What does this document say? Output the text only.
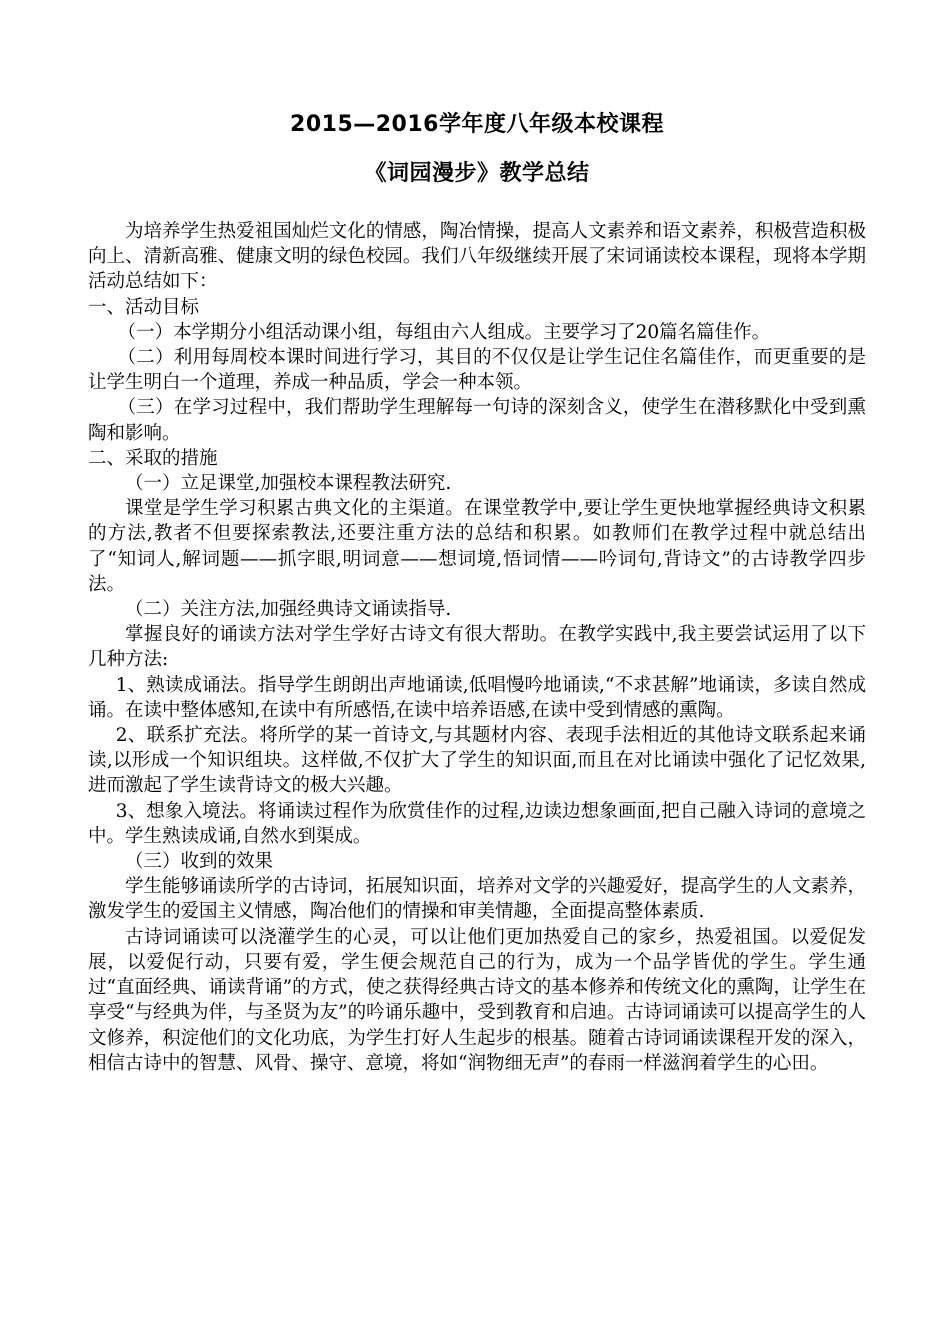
2015—2016学年度八年级本校课程
《词园漫步》教学总结

为培养学生热爱祖国灿烂文化的情感，陶冶情操，提高人文素养和语文素养，积极营造积极向上、清新高雅、健康文明的绿色校园。我们八年级继续开展了宋词诵读校本课程，现将本学期活动总结如下：

一、活动目标

（一）本学期分小组活动课小组，每组由六人组成。主要学习了20篇名篇佳作。

（二）利用每周校本课时间进行学习，其目的不仅仅是让学生记住名篇佳作，而更重要的是让学生明白一个道理，养成一种品质，学会一种本领。

（三）在学习过程中，我们帮助学生理解每一句诗的深刻含义，使学生在潜移默化中受到熏陶和影响。

二、采取的措施

（一）立足课堂,加强校本课程教法研究.

课堂是学生学习积累古典文化的主渠道。在课堂教学中,要让学生更快地掌握经典诗文积累的方法,教者不但要探索教法,还要注重方法的总结和积累。如教师们在教学过程中就总结出了“知词人,解词题——抓字眼,明词意——想词境,悟词情——吟词句,背诗文”的古诗教学四步法。

（二）关注方法,加强经典诗文诵读指导.

掌握良好的诵读方法对学生学好古诗文有很大帮助。在教学实践中,我主要尝试运用了以下几种方法:

1、熟读成诵法。指导学生朗朗出声地诵读,低唱慢吟地诵读,“不求甚解”地诵读，多读自然成诵。在读中整体感知,在读中有所感悟,在读中培养语感,在读中受到情感的熏陶。

2、联系扩充法。将所学的某一首诗文,与其题材内容、表现手法相近的其他诗文联系起来诵读,以形成一个知识组块。这样做,不仅扩大了学生的知识面,而且在对比诵读中强化了记忆效果,进而激起了学生读背诗文的极大兴趣。

3、想象入境法。将诵读过程作为欣赏佳作的过程,边读边想象画面,把自己融入诗词的意境之中。学生熟读成诵,自然水到渠成。

（三）收到的效果

学生能够诵读所学的古诗词，拓展知识面，培养对文学的兴趣爱好，提高学生的人文素养，激发学生的爱国主义情感，陶冶他们的情操和审美情趣，全面提高整体素质.

古诗词诵读可以浇灌学生的心灵，可以让他们更加热爱自己的家乡，热爱祖国。以爱促发展，以爱促行动，只要有爱，学生便会规范自己的行为，成为一个品学皆优的学生。学生通过“直面经典、诵读背诵”的方式，使之获得经典古诗文的基本修养和传统文化的熏陶，让学生在享受“与经典为伴，与圣贤为友”的吟诵乐趣中，受到教育和启迪。古诗词诵读可以提高学生的人文修养，积淀他们的文化功底，为学生打好人生起步的根基。随着古诗词诵读课程开发的深入，相信古诗中的智慧、风骨、操守、意境，将如“润物细无声”的春雨一样滋润着学生的心田。
